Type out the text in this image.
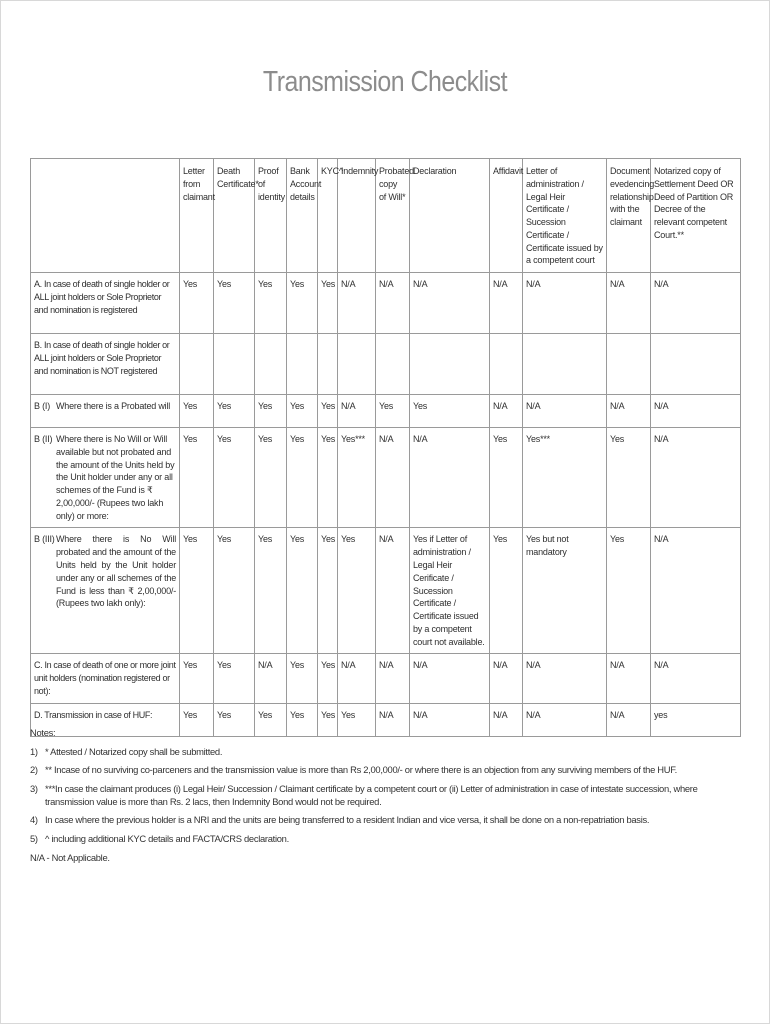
Transmission Checklist
	Letter from claimant	Death Certificate*	Proof of identity	Bank Account details	KYC^	Indemnity	Probated copy of Will*	Declaration	Affidavit	Letter of administration / Legal Heir Certificate / Sucession Certificate / Certificate issued by a competent court	Document evedencing relationship with the claimant	Notarized copy of Settlement Deed OR Deed of Partition OR Decree of the relevant competent Court.**
A. In case of death of single holder or ALL joint holders or Sole Proprietor and nomination is registered	Yes	Yes	Yes	Yes	Yes	N/A	N/A	N/A	N/A	N/A	N/A	N/A
B. In case of death of single holder or ALL joint holders or Sole Proprietor and nomination is NOT registered												

B (I) Where there is a Probated will	Yes	Yes	Yes	Yes	Yes	N/A	Yes	Yes	N/A	N/A	N/A	N/A

B (II) Where there is No Will or Will available but not probated and the amount of the Units held by the Unit holder under any or all schemes of the Fund is ₹ 2,00,000/- (Rupees two lakh only) or more:	Yes	Yes	Yes	Yes	Yes	Yes***	N/A	N/A	Yes	Yes***	Yes	N/A

B (III) Where there is No Will probated and the amount of the Units held by the Unit holder under any or all schemes of the Fund is less than ₹ 2,00,000/- (Rupees two lakh only):	Yes	Yes	Yes	Yes	Yes	Yes	N/A	Yes if Letter of administration / Legal Heir Cerificate / Sucession Certificate / Certificate issued by a competent court not available.	Yes	Yes but not mandatory	Yes	N/A
C. In case of death of one or more joint unit holders (nomination registered or not):	Yes	Yes	N/A	Yes	Yes	N/A	N/A	N/A	N/A	N/A	N/A	N/A
D. Transmission in case of HUF:	Yes	Yes	Yes	Yes	Yes	Yes	N/A	N/A	N/A	N/A	N/A	yes
Notes:
1) * Attested / Notarized copy shall be submitted.
2) ** Incase of no surviving co-parceners and the transmission value is more than Rs 2,00,000/- or where there is an objection from any surviving members of the HUF.
3) ***In case the claimant produces (i) Legal Heir/ Succession / Claimant certificate by a competent court or (ii) Letter of administration in case of intestate succession, where transmission value is more than Rs. 2 lacs, then Indemnity Bond would not be required.
4) In case where the previous holder is a NRI and the units are being transferred to a resident Indian and vice versa, it shall be done on a non-repatriation basis.
5) ^ including additional KYC details and FACTA/CRS declaration.
N/A - Not Applicable.
